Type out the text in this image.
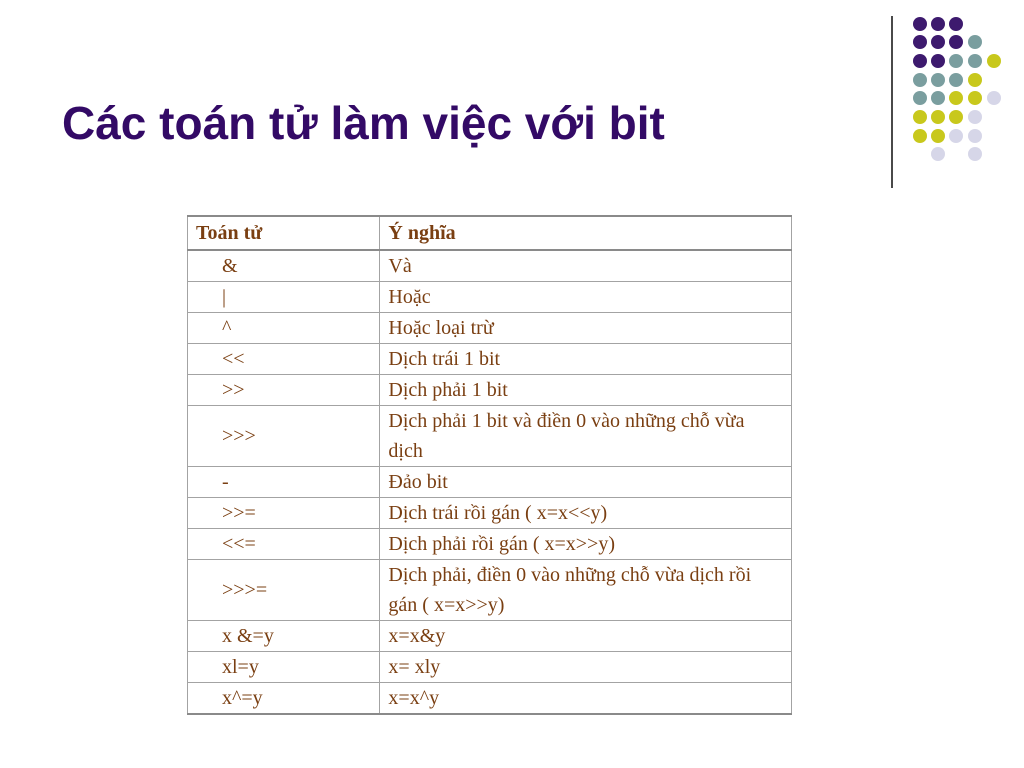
Các toán tử làm việc với bit
Toán tử	Ý nghĩa
&	Và
|	Hoặc
^	Hoặc loại trừ
<<	Dịch trái 1 bit
>>	Dịch phải 1 bit
>>>	Dịch phải 1 bit và điền 0 vào những chỗ vừa dịch
-	Đảo bit
>>=	Dịch trái rồi gán ( x=x<<y)
<<=	Dịch phải rồi gán ( x=x>>y)
>>>=	Dịch phải, điền 0 vào những chỗ vừa dịch rồi gán ( x=x>>y)
x &=y	x=x&y
xl=y	x= xly
x^=y	x=x^y
